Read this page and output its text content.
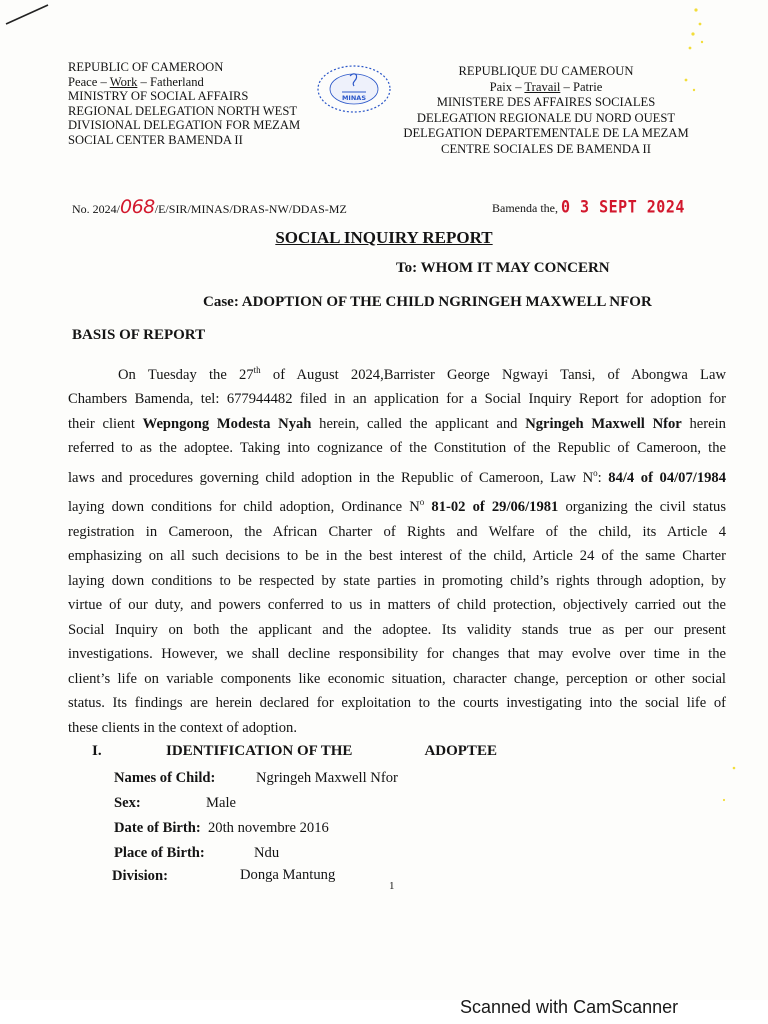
REPUBLIC OF CAMEROON
Peace – Work – Fatherland
MINISTRY OF SOCIAL AFFAIRS
REGIONAL DELEGATION NORTH WEST
DIVISIONAL DELEGATION FOR MEZAM
SOCIAL CENTER BAMENDA II
MINAS
REPUBLIQUE DU CAMEROUN
Paix – Travail – Patrie
MINISTERE DES AFFAIRES SOCIALES
DELEGATION REGIONALE DU NORD OUEST
DELEGATION DEPARTEMENTALE DE LA MEZAM
CENTRE SOCIALES DE BAMENDA II
No. 2024/068/E/SIR/MINAS/DRAS-NW/DDAS-MZ	Bamenda the, 0 3 SEPT 2024
SOCIAL INQUIRY REPORT
To: WHOM IT MAY CONCERN
Case: ADOPTION OF THE CHILD NGRINGEH MAXWELL NFOR
BASIS OF REPORT
On Tuesday the 27th of August 2024,Barrister George Ngwayi Tansi, of Abongwa Law
Chambers Bamenda, tel: 677944482 filed in an application for a Social Inquiry Report for adoption for
their client Wepngong Modesta Nyah herein, called the applicant and Ngringeh Maxwell Nfor herein
referred to as the adoptee. Taking into cognizance of the Constitution of the Republic of Cameroon, the
laws and procedures governing child adoption in the Republic of Cameroon, Law $N^o$: 84/4 of 04/07/1984
laying down conditions for child adoption, Ordinance $N^o$ 81-02 of 29/06/1981 organizing the civil status
registration in Cameroon, the African Charter of Rights and Welfare of the child, its Article 4
emphasizing on all such decisions to be in the best interest of the child, Article 24 of the same Charter
laying down conditions to be respected by state parties in promoting child’s rights through adoption, by
virtue of our duty, and powers conferred to us in matters of child protection, objectively carried out the
Social Inquiry on both the applicant and the adoptee. Its validity stands true as per our present
investigations. However, we shall decline responsibility for changes that may evolve over time in the
client’s life on variable components like economic situation, character change, perception or other social
status. Its findings are herein declared for exploitation to the courts investigating into the social life of
these clients in the context of adoption.
I.	IDENTIFICATION OF THE	ADOPTEE
Names of Child:	Ngringeh Maxwell Nfor
Sex:	Male
Date of Birth: 20th novembre 2016
Place of Birth:	Ndu
Division:	Donga Mantung
1
Scanned with CamScanner
